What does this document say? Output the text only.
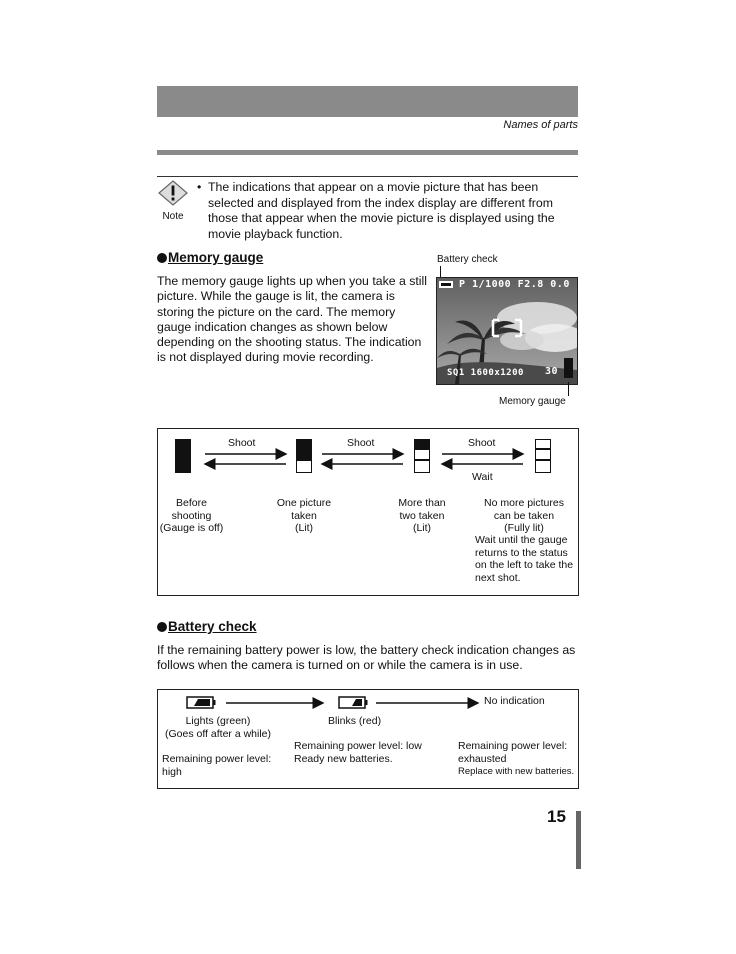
Names of parts
Note
• The indications that appear on a movie picture that has been selected and displayed from the index display are different from those that appear when the movie picture is displayed using the movie playback function.
Memory gauge
The memory gauge lights up when you take a still picture. While the gauge is lit, the camera is storing the picture on the card. The memory gauge indication changes as shown below depending on the shooting status. The indication is not displayed during movie recording.
Battery check
P 1/1000 F2.8 0.0
SQ1 1600x1200 30
Memory gauge
Shoot	Shoot	Shoot
Wait
Before
shooting
(Gauge is off)
One picture
taken
(Lit)
More than
two taken
(Lit)
No more pictures
can be taken
(Fully lit)
Wait until the gauge returns to the status on the left to take the next shot.
Battery check
If the remaining battery power is low, the battery check indication changes as follows when the camera is turned on or while the camera is in use.
No indication
Lights (green)
(Goes off after a while)
Blinks (red)
Remaining power level: low
Ready new batteries.
Remaining power level:
exhausted
Replace with new batteries.
Remaining power level:
high
15
